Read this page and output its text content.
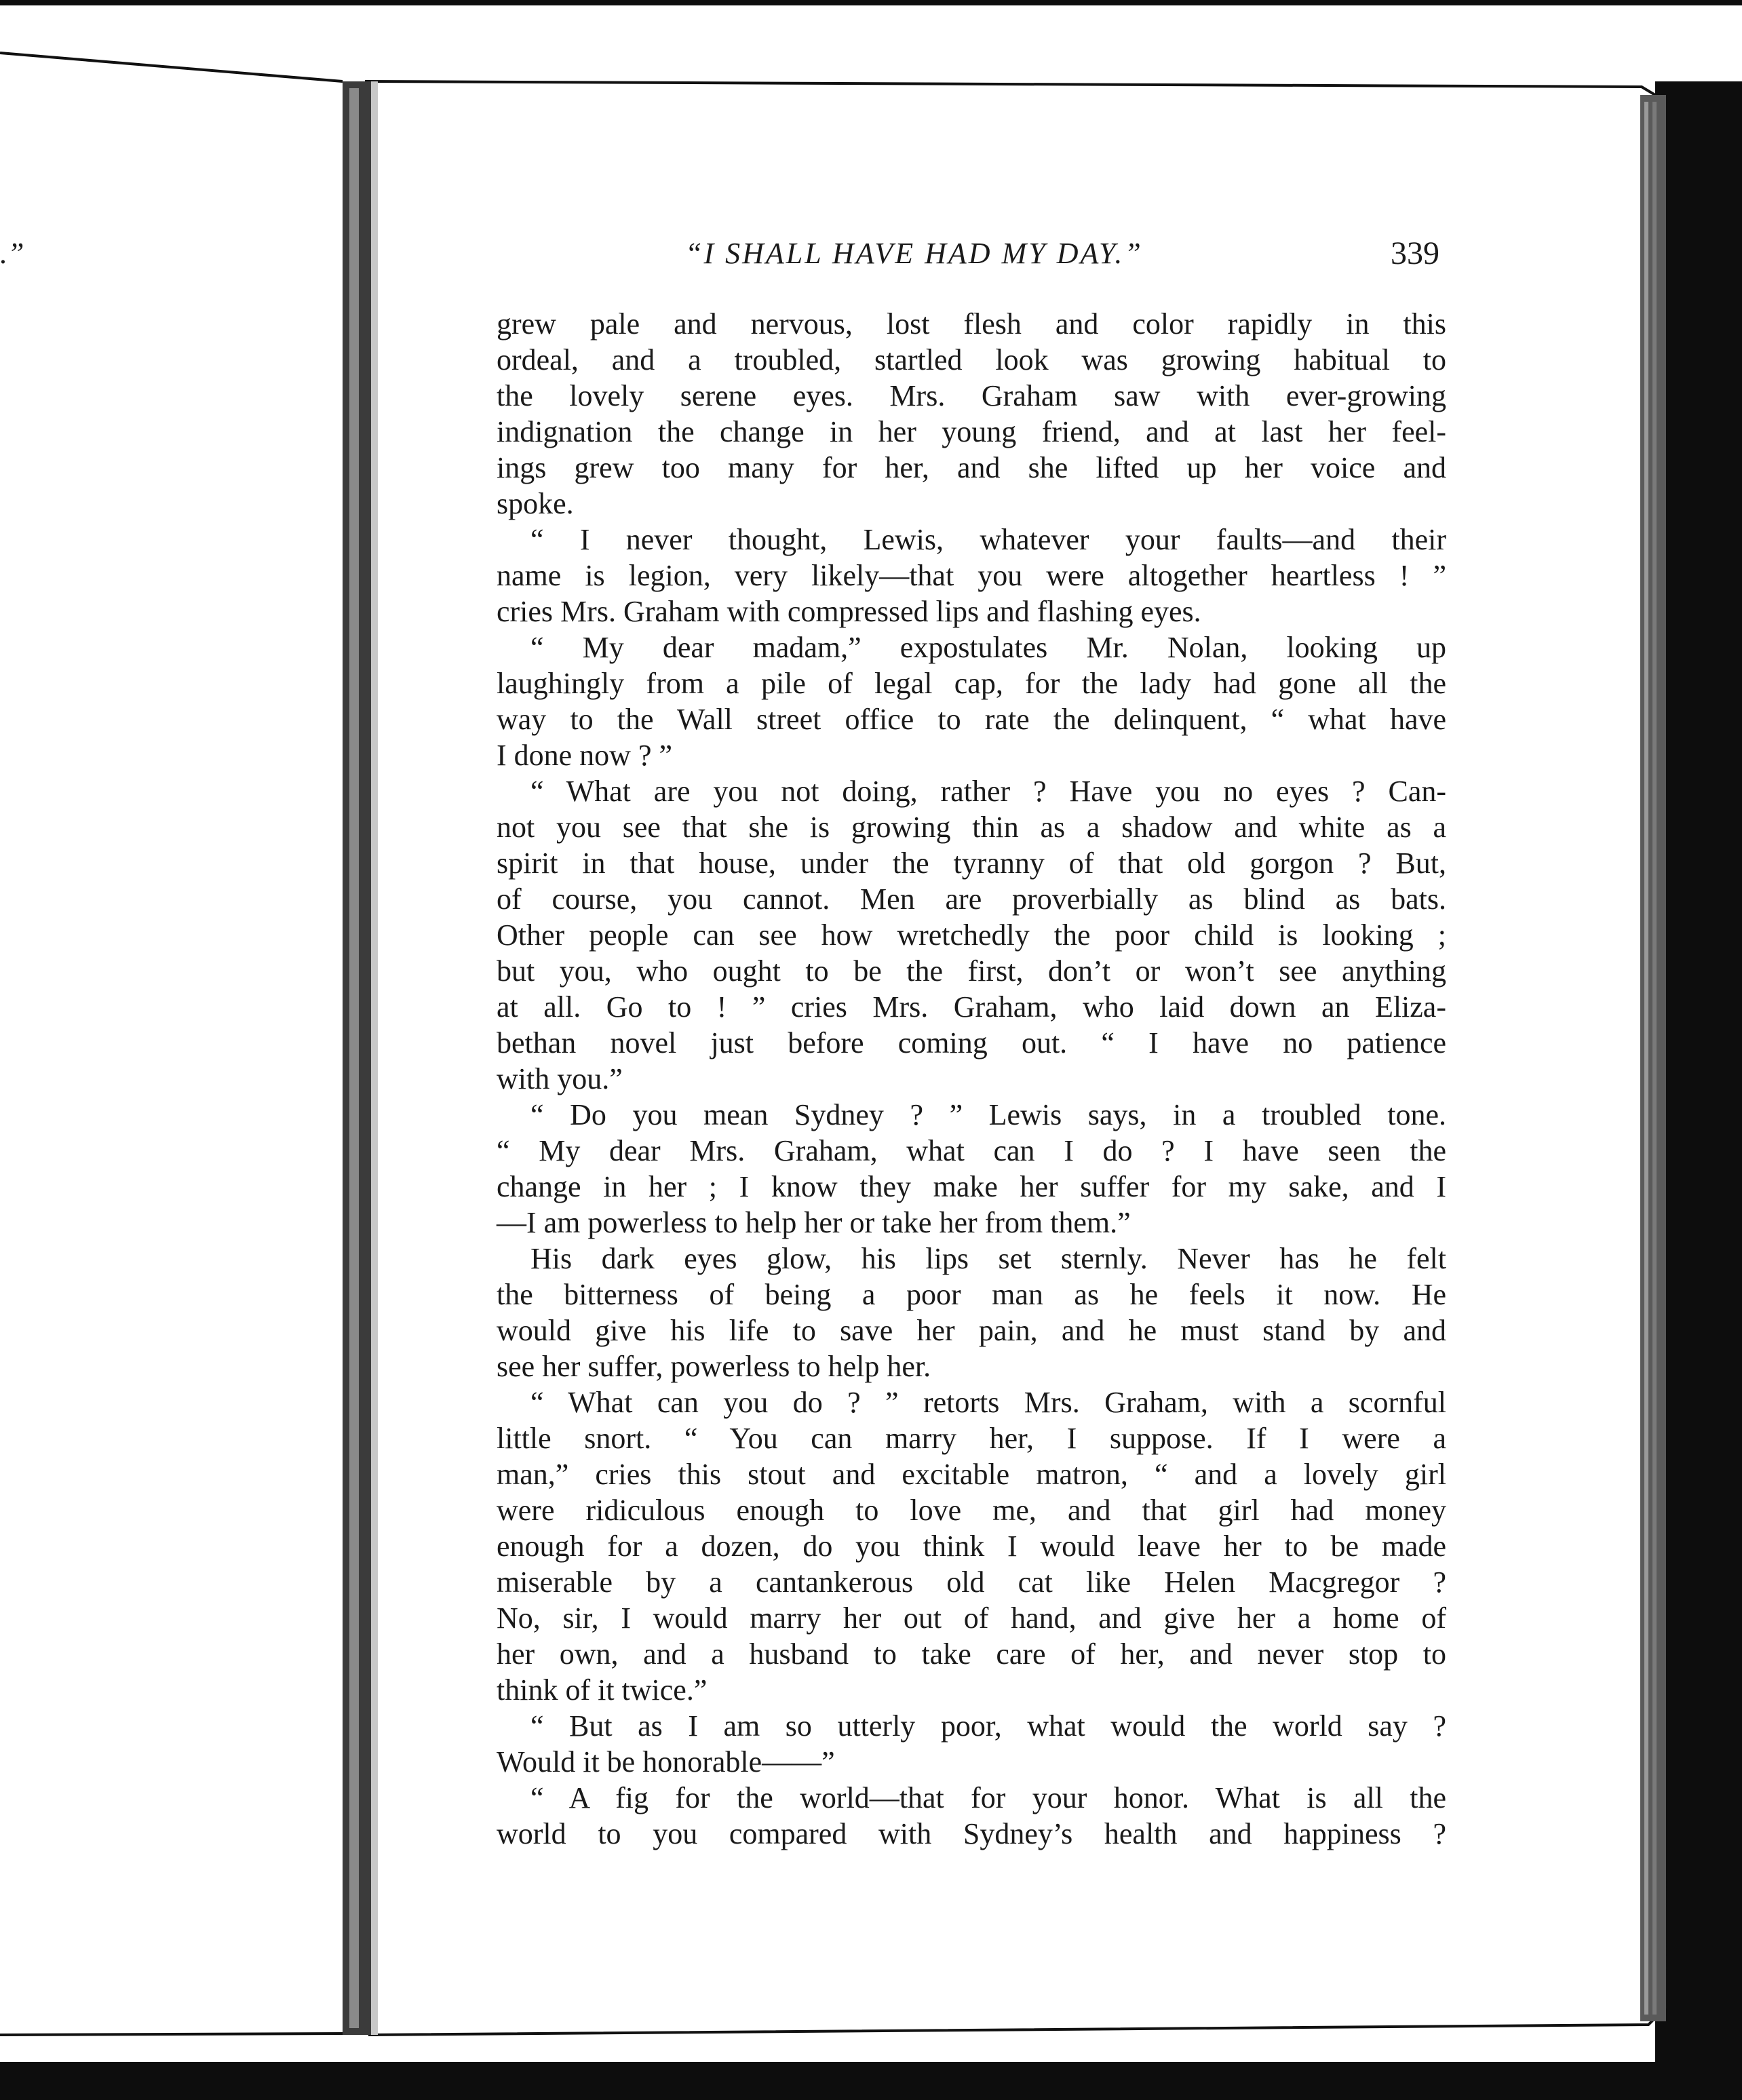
.”	“I SHALL HAVE HAD MY DAY.”	339
grew pale and nervous, lost flesh and color rapidly in this
ordeal, and a troubled, startled look was growing habitual to
the lovely serene eyes. Mrs. Graham saw with ever-growing
indignation the change in her young friend, and at last her feel-
ings grew too many for her, and she lifted up her voice and
spoke.
“ I never thought, Lewis, whatever your faults—and their
name is legion, very likely—that you were altogether heartless ! ”
cries Mrs. Graham with compressed lips and flashing eyes.
“ My dear madam,” expostulates Mr. Nolan, looking up
laughingly from a pile of legal cap, for the lady had gone all the
way to the Wall street office to rate the delinquent, “ what have
I done now ? ”
“ What are you not doing, rather ? Have you no eyes ? Can-
not you see that she is growing thin as a shadow and white as a
spirit in that house, under the tyranny of that old gorgon ? But,
of course, you cannot. Men are proverbially as blind as bats.
Other people can see how wretchedly the poor child is looking ;
but you, who ought to be the first, don’t or won’t see anything
at all. Go to ! ” cries Mrs. Graham, who laid down an Eliza-
bethan novel just before coming out. “ I have no patience
with you.”
“ Do you mean Sydney ? ” Lewis says, in a troubled tone.
“ My dear Mrs. Graham, what can I do ? I have seen the
change in her ; I know they make her suffer for my sake, and I
—I am powerless to help her or take her from them.”
His dark eyes glow, his lips set sternly. Never has he felt
the bitterness of being a poor man as he feels it now. He
would give his life to save her pain, and he must stand by and
see her suffer, powerless to help her.
“ What can you do ? ” retorts Mrs. Graham, with a scornful
little snort. “ You can marry her, I suppose. If I were a
man,” cries this stout and excitable matron, “ and a lovely girl
were ridiculous enough to love me, and that girl had money
enough for a dozen, do you think I would leave her to be made
miserable by a cantankerous old cat like Helen Macgregor ?
No, sir, I would marry her out of hand, and give her a home of
her own, and a husband to take care of her, and never stop to
think of it twice.”
“ But as I am so utterly poor, what would the world say ?
Would it be honorable——”
“ A fig for the world—that for your honor. What is all the
world to you compared with Sydney’s health and happiness ?
